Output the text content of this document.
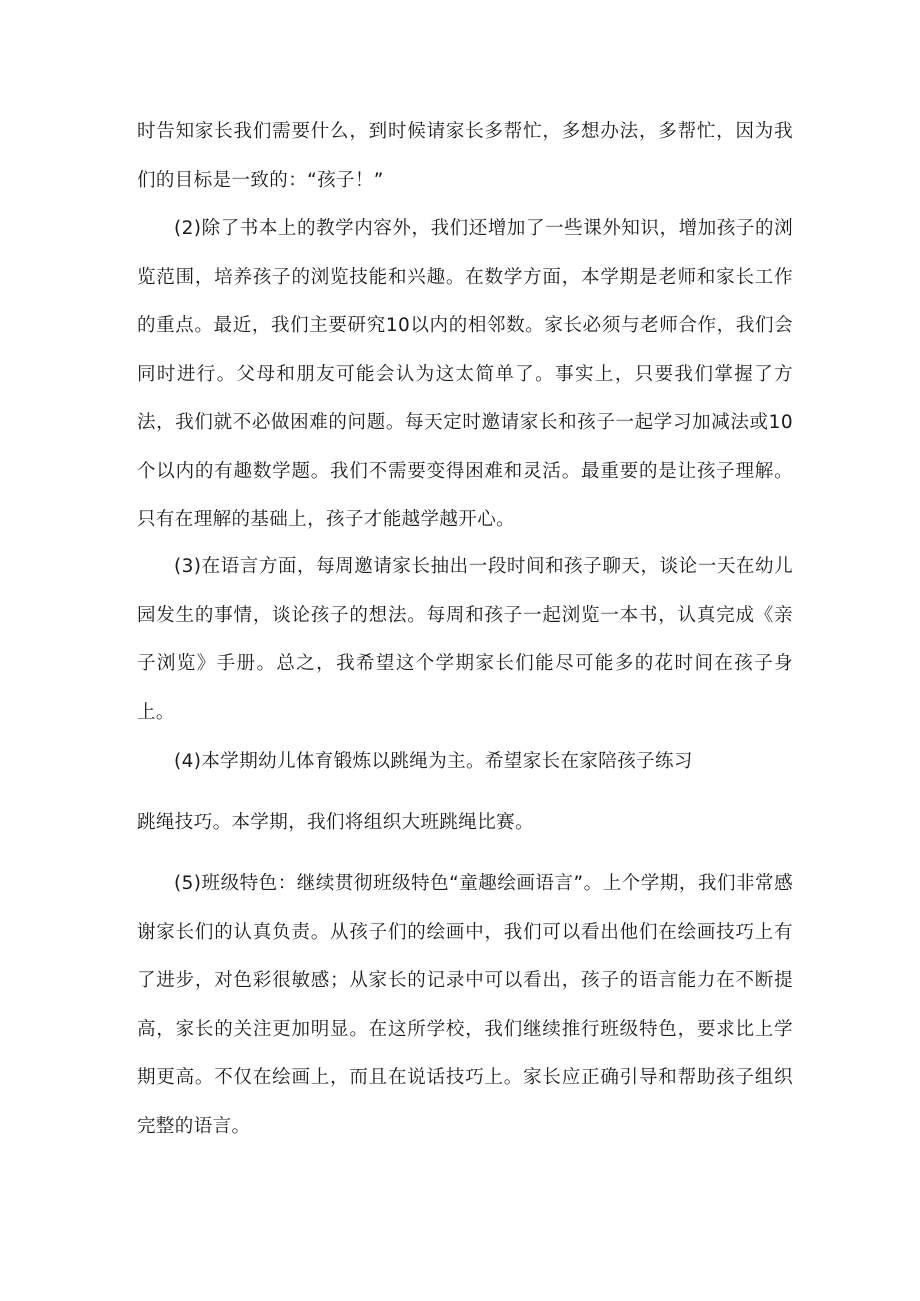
时告知家长我们需要什么，到时候请家长多帮忙，多想办法，多帮忙，因为我们的目标是一致的：“孩子！”

(2)除了书本上的教学内容外，我们还增加了一些课外知识，增加孩子的浏览范围，培养孩子的浏览技能和兴趣。在数学方面，本学期是老师和家长工作的重点。最近，我们主要研究10以内的相邻数。家长必须与老师合作，我们会同时进行。父母和朋友可能会认为这太简单了。事实上，只要我们掌握了方法，我们就不必做困难的问题。每天定时邀请家长和孩子一起学习加减法或10个以内的有趣数学题。我们不需要变得困难和灵活。最重要的是让孩子理解。只有在理解的基础上，孩子才能越学越开心。

(3)在语言方面，每周邀请家长抽出一段时间和孩子聊天，谈论一天在幼儿园发生的事情，谈论孩子的想法。每周和孩子一起浏览一本书，认真完成《亲子浏览》手册。总之，我希望这个学期家长们能尽可能多的花时间在孩子身上。

(4)本学期幼儿体育锻炼以跳绳为主。希望家长在家陪孩子练习

跳绳技巧。本学期，我们将组织大班跳绳比赛。

(5)班级特色：继续贯彻班级特色“童趣绘画语言”。上个学期，我们非常感谢家长们的认真负责。从孩子们的绘画中，我们可以看出他们在绘画技巧上有了进步，对色彩很敏感；从家长的记录中可以看出，孩子的语言能力在不断提高，家长的关注更加明显。在这所学校，我们继续推行班级特色，要求比上学期更高。不仅在绘画上，而且在说话技巧上。家长应正确引导和帮助孩子组织完整的语言。
